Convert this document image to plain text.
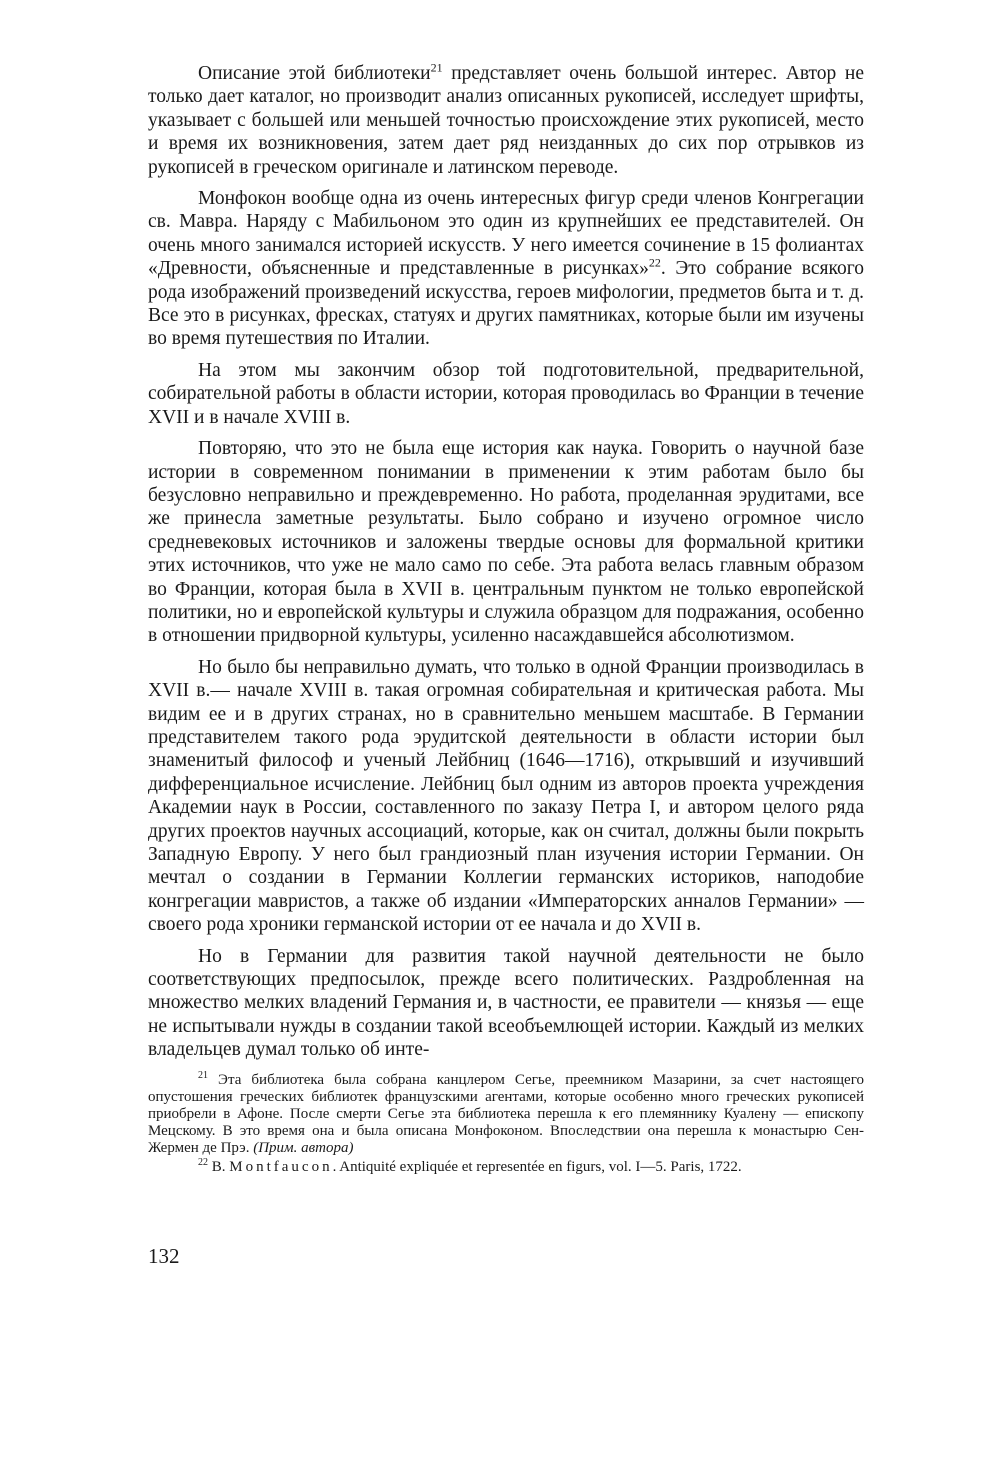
Описание этой библиотеки$^{21}$ представляет очень большой интерес. Автор не только дает каталог, но производит анализ описанных рукописей, исследует шрифты, указывает с большей или меньшей точностью происхождение этих рукописей, место и время их возникновения, затем дает ряд неизданных до сих пор отрывков из рукописей в греческом оригинале и латинском переводе.

Монфокон вообще одна из очень интересных фигур среди членов Конгрегации св. Мавра. Наряду с Мабильоном это один из крупнейших ее представителей. Он очень много занимался историей искусств. У него имеется сочинение в 15 фолиантах «Древности, объясненные и представленные в рисунках»$^{22}$. Это собрание всякого рода изображений произведений искусства, героев мифологии, предметов быта и т. д. Все это в рисунках, фресках, статуях и других памятниках, которые были им изучены во время путешествия по Италии.

На этом мы закончим обзор той подготовительной, предварительной, собирательной работы в области истории, которая проводилась во Франции в течение XVII и в начале XVIII в.

Повторяю, что это не была еще история как наука. Говорить о научной базе истории в современном понимании в применении к этим работам было бы безусловно неправильно и преждевременно. Но работа, проделанная эрудитами, все же принесла заметные результаты. Было собрано и изучено огромное число средневековых источников и заложены твердые основы для формальной критики этих источников, что уже не мало само по себе. Эта работа велась главным образом во Франции, которая была в XVII в. центральным пунктом не только европейской политики, но и европейской культуры и служила образцом для подражания, особенно в отношении придворной культуры, усиленно насаждавшейся абсолютизмом.

Но было бы неправильно думать, что только в одной Франции производилась в XVII в.— начале XVIII в. такая огромная собирательная и критическая работа. Мы видим ее и в других странах, но в сравнительно меньшем масштабе. В Германии представителем такого рода эрудитской деятельности в области истории был знаменитый философ и ученый Лейбниц (1646—1716), открывший и изучивший дифференциальное исчисление. Лейбниц был одним из авторов проекта учреждения Академии наук в России, составленного по заказу Петра I, и автором целого ряда других проектов научных ассоциаций, которые, как он считал, должны были покрыть Западную Европу. У него был грандиозный план изучения истории Германии. Он мечтал о создании в Германии Коллегии германских историков, наподобие конгрегации мавристов, а также об издании «Императорских анналов Германии» — своего рода хроники германской истории от ее начала и до XVII в.

Но в Германии для развития такой научной деятельности не было соответствующих предпосылок, прежде всего политических. Раздробленная на множество мелких владений Германия и, в частности, ее правители — князья — еще не испытывали нужды в создании такой всеобъемлющей истории. Каждый из мелких владельцев думал только об инте-

$^{21}$ Эта библиотека была собрана канцлером Сегье, преемником Мазарини, за счет настоящего опустошения греческих библиотек французскими агентами, которые особенно много греческих рукописей приобрели в Афоне. После смерти Сегье эта библиотека перешла к его племяннику Куалену — епископу Мецскому. В это время она и была описана Монфоконом. Впоследствии она перешла к монастырю Сен-Жермен де Прэ. (Прим. автора)

$^{22}$ B. Montfaucon. Antiquité expliquée et representée en figurs, vol. I—5. Paris, 1722.

132
